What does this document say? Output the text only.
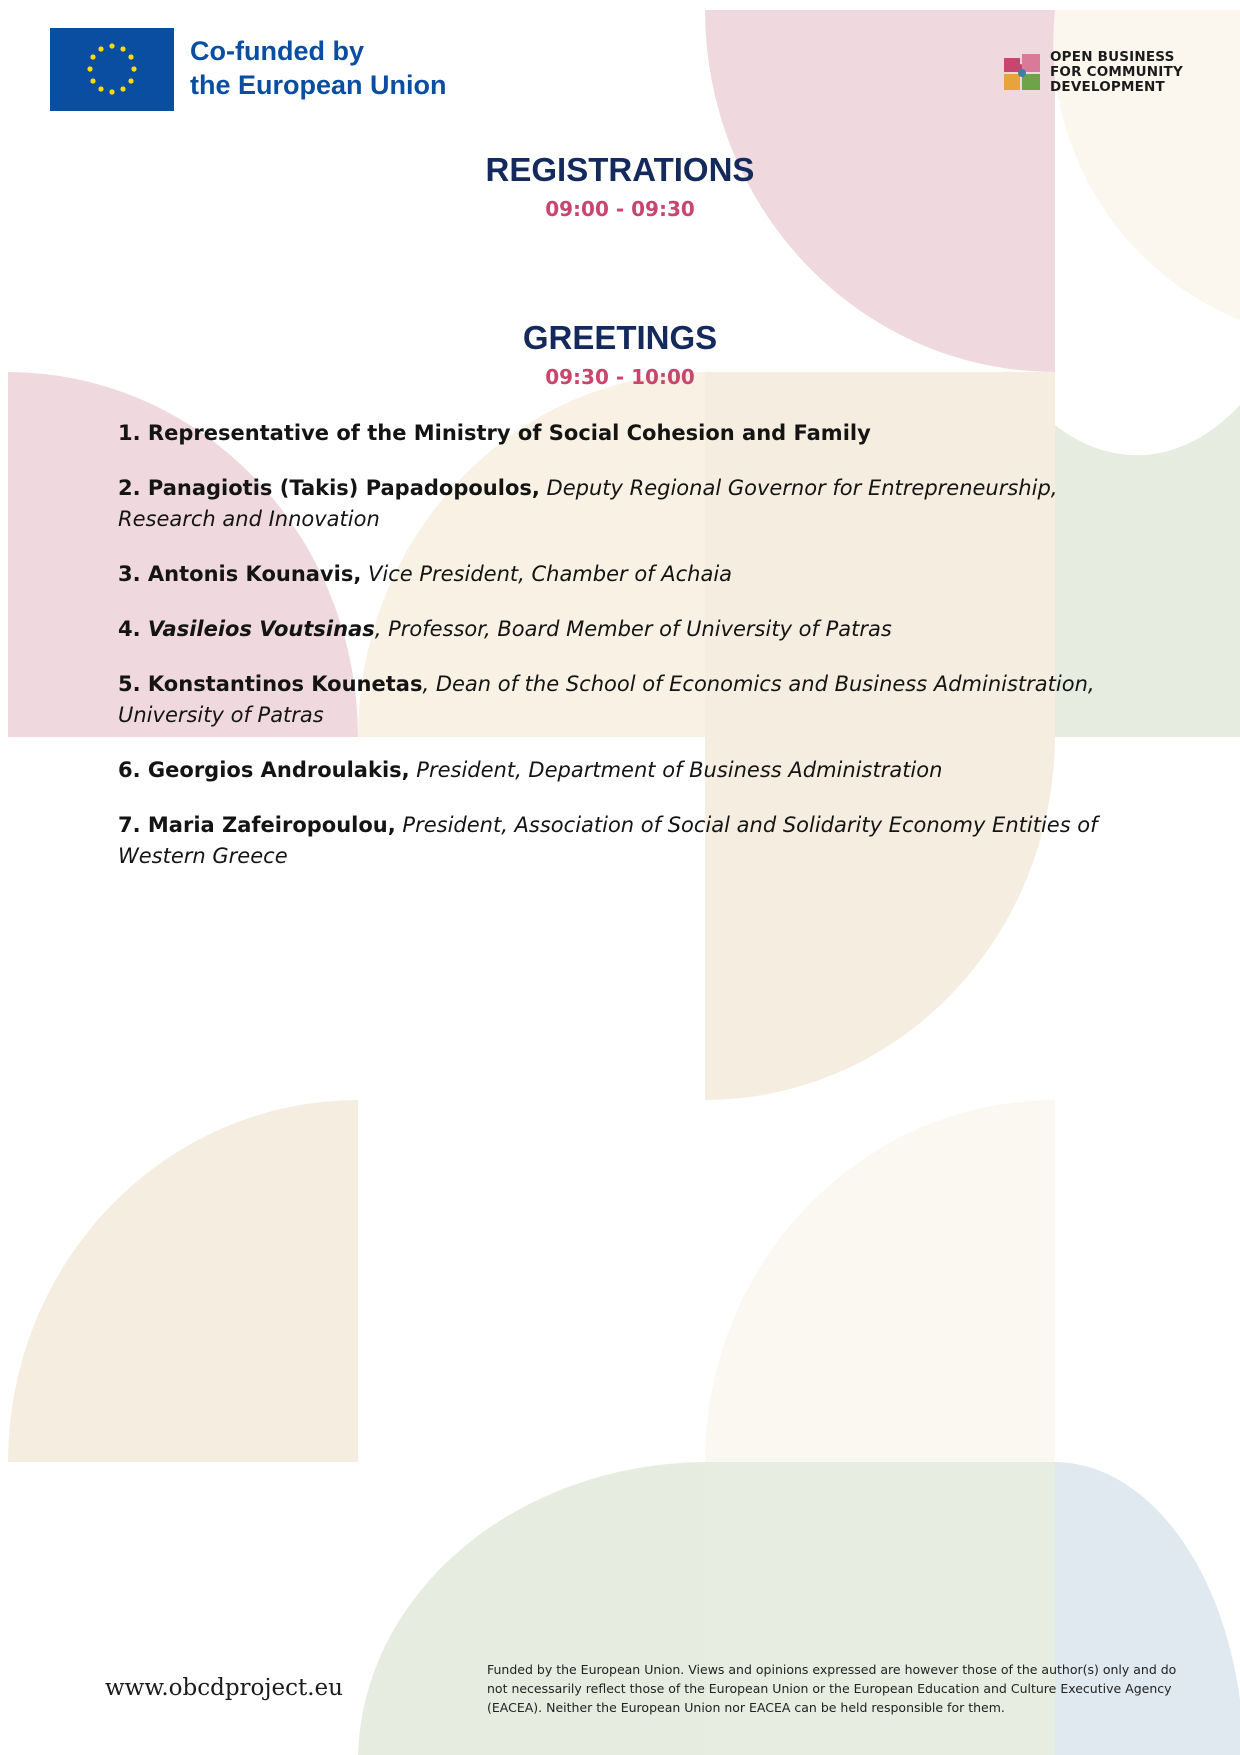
Co-funded by
the European Union
OPEN BUSINESS
FOR COMMUNITY
DEVELOPMENT
REGISTRATIONS
09:00 - 09:30
GREETINGS
09:30 - 10:00
1. Representative of the Ministry of Social Cohesion and Family
2. Panagiotis (Takis) Papadopoulos, Deputy Regional Governor for Entrepreneurship, Research and Innovation
3. Antonis Kounavis, Vice President, Chamber of Achaia
4. Vasileios Voutsinas, Professor, Board Member of University of Patras
5. Konstantinos Kounetas, Dean of the School of Economics and Business Administration, University of Patras
6. Georgios Androulakis, President, Department of Business Administration
7. Maria Zafeiropoulou, President, Association of Social and Solidarity Economy Entities of Western Greece
www.obcdproject.eu
Funded by the European Union. Views and opinions expressed are however those of the author(s) only and do not necessarily reflect those of the European Union or the European Education and Culture Executive Agency (EACEA). Neither the European Union nor EACEA can be held responsible for them.
